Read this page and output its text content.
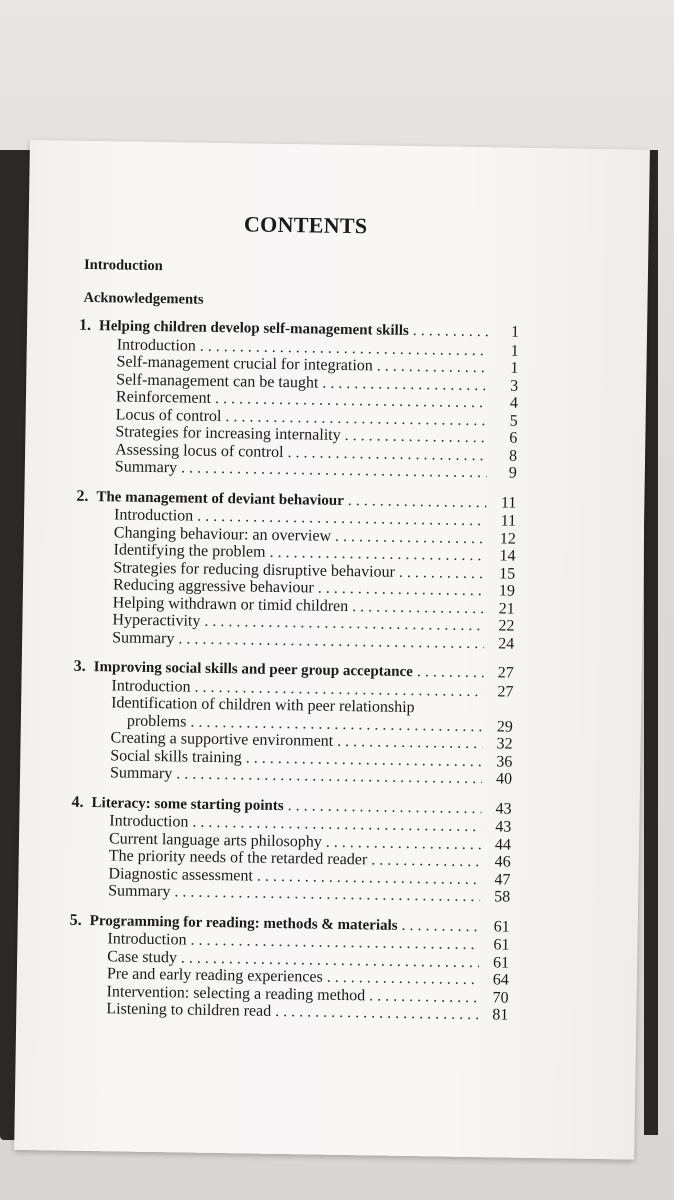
CONTENTS
Introduction
Acknowledgements
1. Helping children develop self-management skills . . .	1
Introduction . . .	1
Self-management crucial for integration . . .	1
Self-management can be taught . . .	3
Reinforcement . . .	4
Locus of control . . .	5
Strategies for increasing internality . . .	6
Assessing locus of control . . .	8
Summary . . .	9
2. The management of deviant behaviour . . .	11
Introduction . . .	11
Changing behaviour: an overview . . .	12
Identifying the problem . . .	14
Strategies for reducing disruptive behaviour . . .	15
Reducing aggressive behaviour . . .	19
Helping withdrawn or timid children . . .	21
Hyperactivity . . .	22
Summary . . .	24
3. Improving social skills and peer group acceptance . . .	27
Introduction . . .	27
Identification of children with peer relationship
problems . . .	29
Creating a supportive environment . . .	32
Social skills training . . .	36
Summary . . .	40
4. Literacy: some starting points . . .	43
Introduction . . .	43
Current language arts philosophy . . .	44
The priority needs of the retarded reader . . .	46
Diagnostic assessment . . .	47
Summary . . .	58
5. Programming for reading: methods & materials . . .	61
Introduction . . .	61
Case study . . .	61
Pre and early reading experiences . . .	64
Intervention: selecting a reading method . . .	70
Listening to children read . . .	81
